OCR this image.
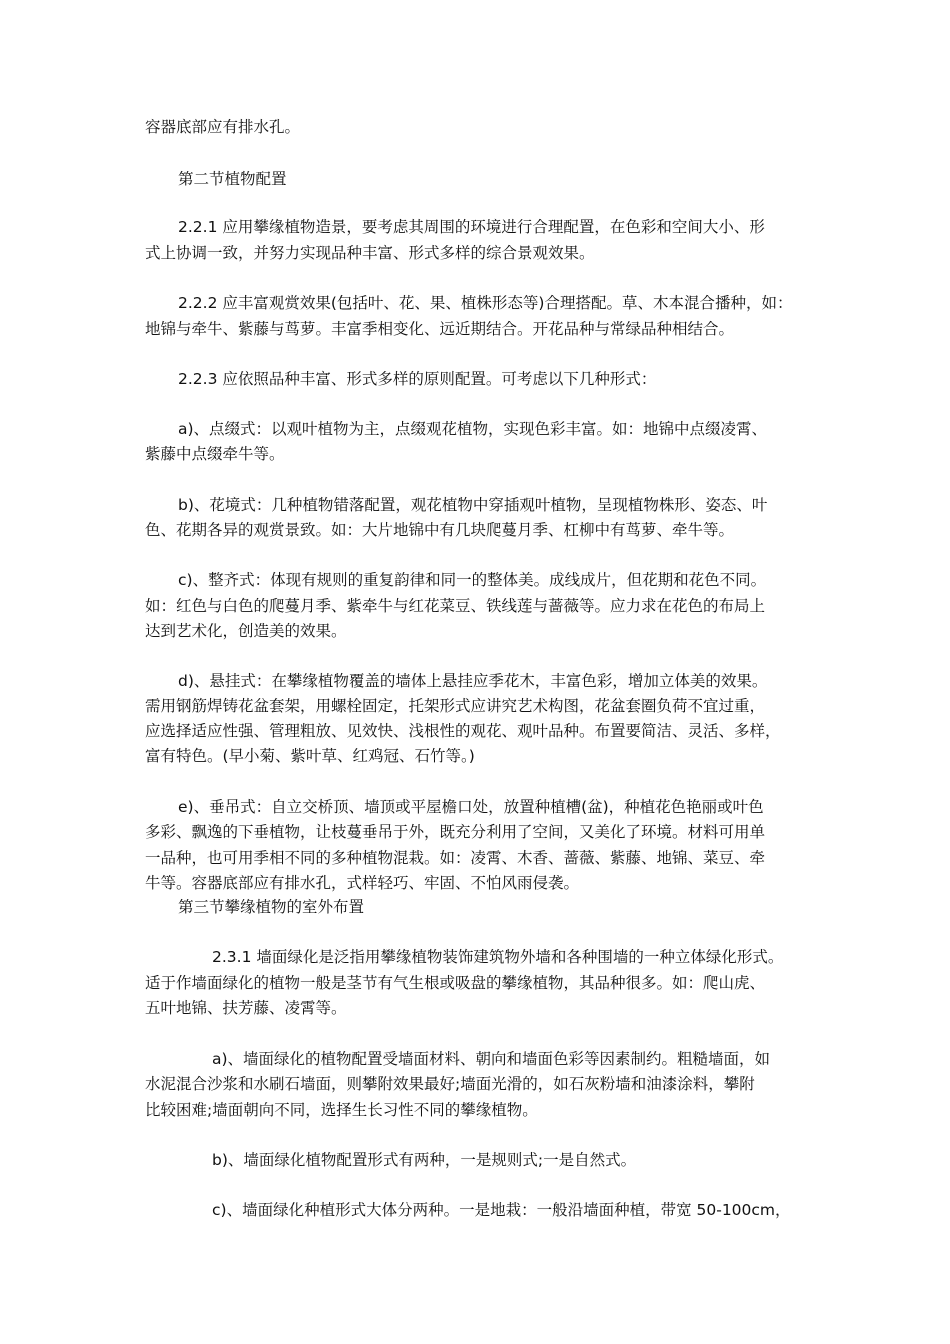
容器底部应有排水孔。
第二节植物配置
2.2.1 应用攀缘植物造景，要考虑其周围的环境进行合理配置，在色彩和空间大小、形
式上协调一致，并努力实现品种丰富、形式多样的综合景观效果。
2.2.2 应丰富观赏效果(包括叶、花、果、植株形态等)合理搭配。草、木本混合播种，如：
地锦与牵牛、紫藤与茑萝。丰富季相变化、远近期结合。开花品种与常绿品种相结合。
2.2.3 应依照品种丰富、形式多样的原则配置。可考虑以下几种形式：
a)、点缀式：以观叶植物为主，点缀观花植物，实现色彩丰富。如：地锦中点缀凌霄、
紫藤中点缀牵牛等。
b)、花境式：几种植物错落配置，观花植物中穿插观叶植物，呈现植物株形、姿态、叶
色、花期各异的观赏景致。如：大片地锦中有几块爬蔓月季、杠柳中有茑萝、牵牛等。
c)、整齐式：体现有规则的重复韵律和同一的整体美。成线成片，但花期和花色不同。
如：红色与白色的爬蔓月季、紫牵牛与红花菜豆、铁线莲与蔷薇等。应力求在花色的布局上
达到艺术化，创造美的效果。
d)、悬挂式：在攀缘植物覆盖的墙体上悬挂应季花木，丰富色彩，增加立体美的效果。
需用钢筋焊铸花盆套架，用螺栓固定，托架形式应讲究艺术构图，花盆套圈负荷不宜过重，
应选择适应性强、管理粗放、见效快、浅根性的观花、观叶品种。布置要简洁、灵活、多样，
富有特色。(早小菊、紫叶草、红鸡冠、石竹等。)
e)、垂吊式：自立交桥顶、墙顶或平屋檐口处，放置种植槽(盆)，种植花色艳丽或叶色
多彩、飘逸的下垂植物，让枝蔓垂吊于外，既充分利用了空间，又美化了环境。材料可用单
一品种，也可用季相不同的多种植物混栽。如：凌霄、木香、蔷薇、紫藤、地锦、菜豆、牵
牛等。容器底部应有排水孔，式样轻巧、牢固、不怕风雨侵袭。
第三节攀缘植物的室外布置
2.3.1 墙面绿化是泛指用攀缘植物装饰建筑物外墙和各种围墙的一种立体绿化形式。
适于作墙面绿化的植物一般是茎节有气生根或吸盘的攀缘植物，其品种很多。如：爬山虎、
五叶地锦、扶芳藤、凌霄等。
a)、墙面绿化的植物配置受墙面材料、朝向和墙面色彩等因素制约。粗糙墙面，如
水泥混合沙浆和水刷石墙面，则攀附效果最好;墙面光滑的，如石灰粉墙和油漆涂料，攀附
比较困难;墙面朝向不同，选择生长习性不同的攀缘植物。
b)、墙面绿化植物配置形式有两种，一是规则式;一是自然式。
c)、墙面绿化种植形式大体分两种。一是地栽：一般沿墙面种植，带宽 50-100cm，
